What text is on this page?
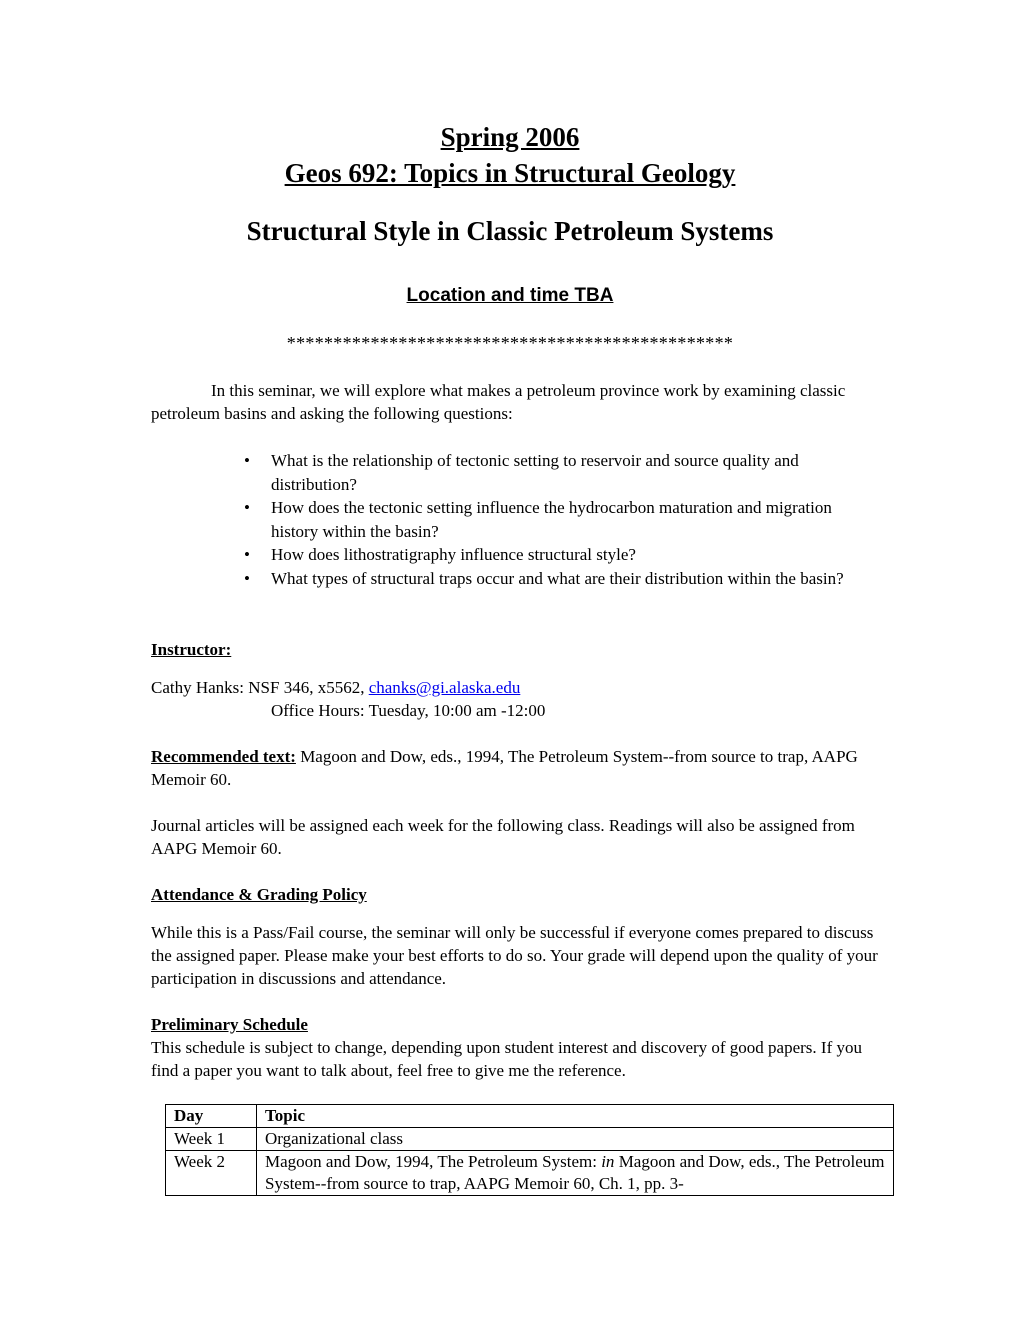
Spring 2006
Geos 692: Topics in Structural Geology
Structural Style in Classic Petroleum Systems
Location and time TBA
************************************************
In this seminar, we will explore what makes a petroleum province work by examining classic petroleum basins and asking the following questions:
• What is the relationship of tectonic setting to reservoir and source quality and distribution?
• How does the tectonic setting influence the hydrocarbon maturation and migration history within the basin?
• How does lithostratigraphy influence structural style?
• What types of structural traps occur and what are their distribution within the basin?
Instructor:
Cathy Hanks: NSF 346, x5562, chanks@gi.alaska.edu
Office Hours: Tuesday, 10:00 am -12:00
Recommended text: Magoon and Dow, eds., 1994, The Petroleum System--from source to trap, AAPG Memoir 60.
Journal articles will be assigned each week for the following class. Readings will also be assigned from AAPG Memoir 60.
Attendance & Grading Policy
While this is a Pass/Fail course, the seminar will only be successful if everyone comes prepared to discuss the assigned paper. Please make your best efforts to do so. Your grade will depend upon the quality of your participation in discussions and attendance.
Preliminary Schedule
This schedule is subject to change, depending upon student interest and discovery of good papers. If you find a paper you want to talk about, feel free to give me the reference.
Day	Topic
Week 1	Organizational class
Week 2	Magoon and Dow, 1994, The Petroleum System: in Magoon and Dow, eds., The Petroleum System--from source to trap, AAPG Memoir 60, Ch. 1, pp. 3-
